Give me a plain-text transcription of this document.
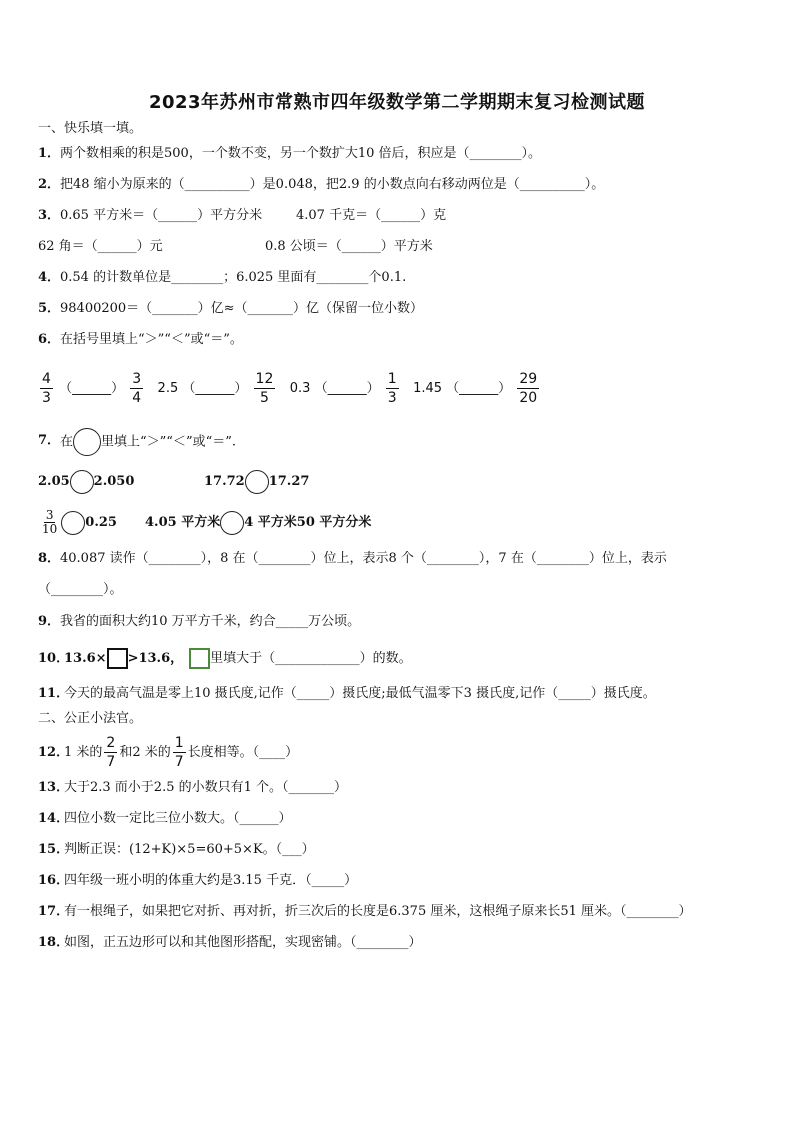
2023年苏州市常熟市四年级数学第二学期期末复习检测试题
一、快乐填一填。
1． 两个数相乘的积是500，一个数不变，另一个数扩大10 倍后，积应是（________）。
2． 把48 缩小为原来的（__________）是0.048，把2.9 的小数点向右移动两位是（__________）。
3． 0.65 平方米＝（______）平方分米	4.07 千克＝（______）克
62 角＝（______）元	0.8 公顷＝（______）平方米
4． 0.54 的计数单位是________；6.025 里面有________个0.1.
5． 98400200＝（_______）亿≈（_______）亿（保留一位小数）
6． 在括号里填上“＞”“＜”或“＝”。
$\frac{4}{3}$ （______） $\frac{3}{4} 2.5$ （______） $\frac{12}{5} 0.3$ （______） $\frac{1}{3} 1.45$ （______） $\frac{29}{20}$
7． 在 里填上“＞”“＜”或“＝”.
2.05 2.050	17.72 17.27
$\frac{3}{10} 0.25$ 4.05 平方米 4 平方米50 平方分米
8． 40.087 读作（________），8 在（________）位上，表示8 个（________），7 在（________）位上，表示
（________）。
9． 我省的面积大约10 万平方千米，约合_____万公顷。
10．
13.6× >13.6， 里填大于（_____________）的数。
11．
今天的最高气温是零上10 摄氏度,记作（_____）摄氏度;最低气温零下3 摄氏度,记作（_____）摄氏度。
二、公正小法官。
12．
1 米的 $\frac{2}{7}$ 和2 米的 $\frac{1}{7}$ 长度相等。（____）
13．
大于2.3 而小于2.5 的小数只有1 个。（_______）
14．
四位小数一定比三位小数大。（______）
15．
判断正误：(12+K)×5=60+5×K。（___）
16．
四年级一班小明的体重大约是3.15 千克．（_____）
17．
有一根绳子，如果把它对折、再对折，折三次后的长度是6.375 厘米，这根绳子原来长51 厘米。（________）
18．
如图，正五边形可以和其他图形搭配，实现密铺。（________）
